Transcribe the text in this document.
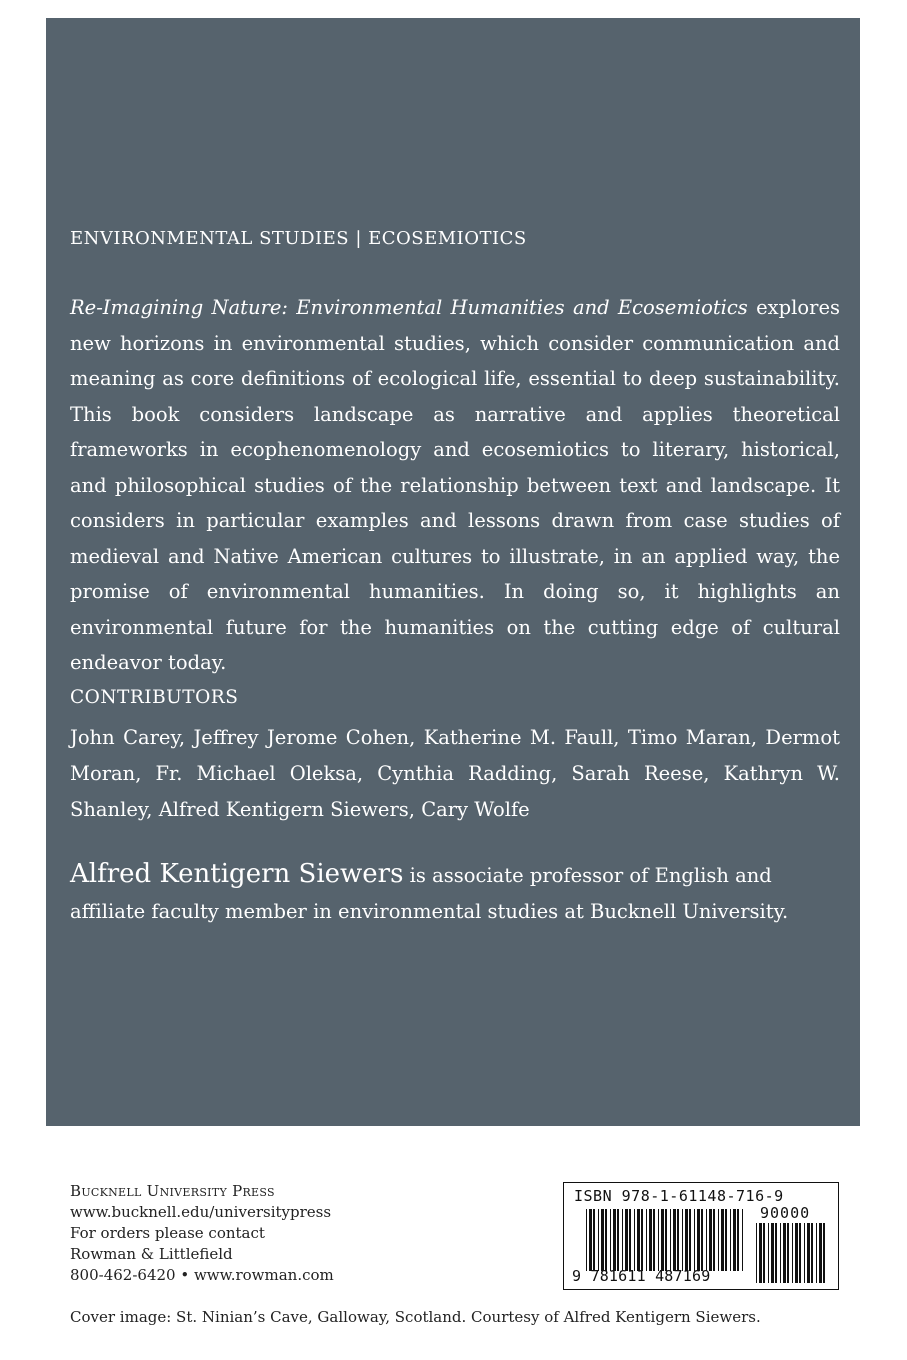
ENVIRONMENTAL STUDIES | ECOSEMIOTICS

Re-Imagining Nature: Environmental Humanities and Ecosemiotics explores new horizons in environmental studies, which consider communication and meaning as core definitions of ecological life, essential to deep sustainability. This book considers landscape as narrative and applies theoretical frameworks in ecophenomenology and ecosemiotics to literary, historical, and philosophical studies of the relationship between text and landscape. It considers in particular examples and lessons drawn from case studies of medieval and Native American cultures to illustrate, in an applied way, the promise of environmental humanities. In doing so, it highlights an environmental future for the humanities on the cutting edge of cultural endeavor today.

CONTRIBUTORS

John Carey, Jeffrey Jerome Cohen, Katherine M. Faull, Timo Maran, Dermot Moran, Fr. Michael Oleksa, Cynthia Radding, Sarah Reese, Kathryn W. Shanley, Alfred Kentigern Siewers, Cary Wolfe

Alfred Kentigern Siewers is associate professor of English and affiliate faculty member in environmental studies at Bucknell University.

Bucknell University Press
www.bucknell.edu/universitypress
For orders please contact
Rowman & Littlefield
800-462-6420 • www.rowman.com
ISBN 978-1-61148-716-9
90000
9 781611 487169
Cover image: St. Ninian’s Cave, Galloway, Scotland. Courtesy of Alfred Kentigern Siewers.
